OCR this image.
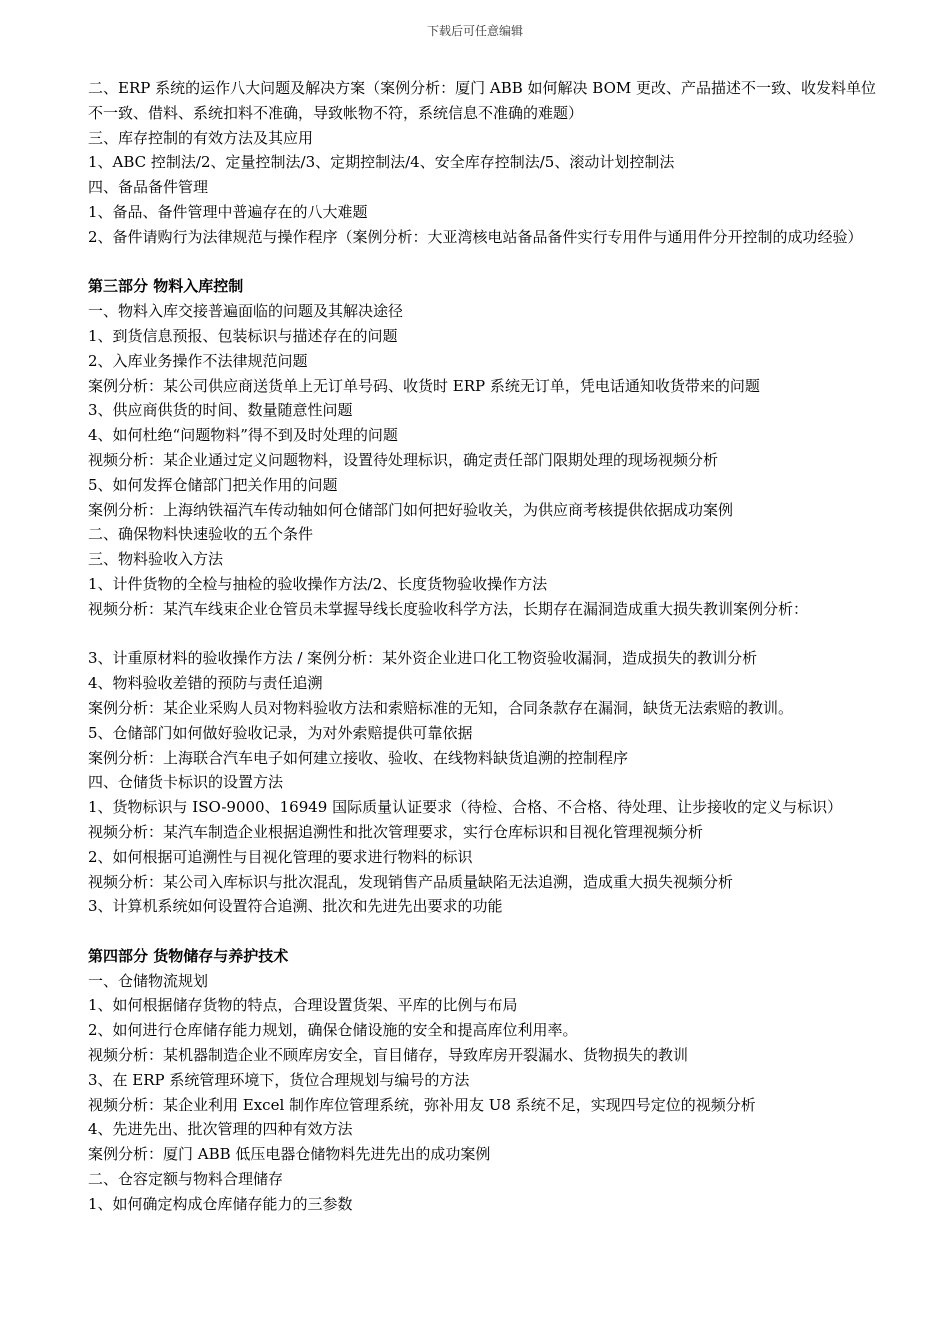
下载后可任意编辑
二、ERP 系统的运作八大问题及解决方案（案例分析：厦门 ABB 如何解决 BOM 更改、产品描述不一致、收发料单位不一致、借料、系统扣料不准确，导致帐物不符，系统信息不准确的难题）
三、库存控制的有效方法及其应用
1、ABC 控制法/2、定量控制法/3、定期控制法/4、安全库存控制法/5、滚动计划控制法
四、备品备件管理
1、备品、备件管理中普遍存在的八大难题
2、备件请购行为法律规范与操作程序（案例分析：大亚湾核电站备品备件实行专用件与通用件分开控制的成功经验）
第三部分 物料入库控制
一、物料入库交接普遍面临的问题及其解决途径
1、到货信息预报、包装标识与描述存在的问题
2、入库业务操作不法律规范问题
案例分析：某公司供应商送货单上无订单号码、收货时 ERP 系统无订单，凭电话通知收货带来的问题
3、供应商供货的时间、数量随意性问题
4、如何杜绝“问题物料”得不到及时处理的问题
视频分析：某企业通过定义问题物料，设置待处理标识，确定责任部门限期处理的现场视频分析
5、如何发挥仓储部门把关作用的问题
案例分析：上海纳铁福汽车传动轴如何仓储部门如何把好验收关，为供应商考核提供依据成功案例
二、确保物料快速验收的五个条件
三、物料验收入方法
1、计件货物的全检与抽检的验收操作方法/2、长度货物验收操作方法
视频分析：某汽车线束企业仓管员未掌握导线长度验收科学方法，长期存在漏洞造成重大损失教训案例分析：
3、计重原材料的验收操作方法 / 案例分析：某外资企业进口化工物资验收漏洞，造成损失的教训分析
4、物料验收差错的预防与责任追溯
案例分析：某企业采购人员对物料验收方法和索赔标准的无知，合同条款存在漏洞，缺货无法索赔的教训。
5、仓储部门如何做好验收记录，为对外索赔提供可靠依据
案例分析：上海联合汽车电子如何建立接收、验收、在线物料缺货追溯的控制程序
四、仓储货卡标识的设置方法
1、货物标识与 ISO-9000、16949 国际质量认证要求（待检、合格、不合格、待处理、让步接收的定义与标识）
视频分析：某汽车制造企业根据追溯性和批次管理要求，实行仓库标识和目视化管理视频分析
2、如何根据可追溯性与目视化管理的要求进行物料的标识
视频分析：某公司入库标识与批次混乱，发现销售产品质量缺陷无法追溯，造成重大损失视频分析
3、计算机系统如何设置符合追溯、批次和先进先出要求的功能
第四部分 货物储存与养护技术
一、仓储物流规划
1、如何根据储存货物的特点，合理设置货架、平库的比例与布局
2、如何进行仓库储存能力规划，确保仓储设施的安全和提高库位利用率。
视频分析：某机器制造企业不顾库房安全，盲目储存，导致库房开裂漏水、货物损失的教训
3、在 ERP 系统管理环境下，货位合理规划与编号的方法
视频分析：某企业利用 Excel 制作库位管理系统，弥补用友 U8 系统不足，实现四号定位的视频分析
4、先进先出、批次管理的四种有效方法
案例分析：厦门 ABB 低压电器仓储物料先进先出的成功案例
二、仓容定额与物料合理储存
1、如何确定构成仓库储存能力的三参数
